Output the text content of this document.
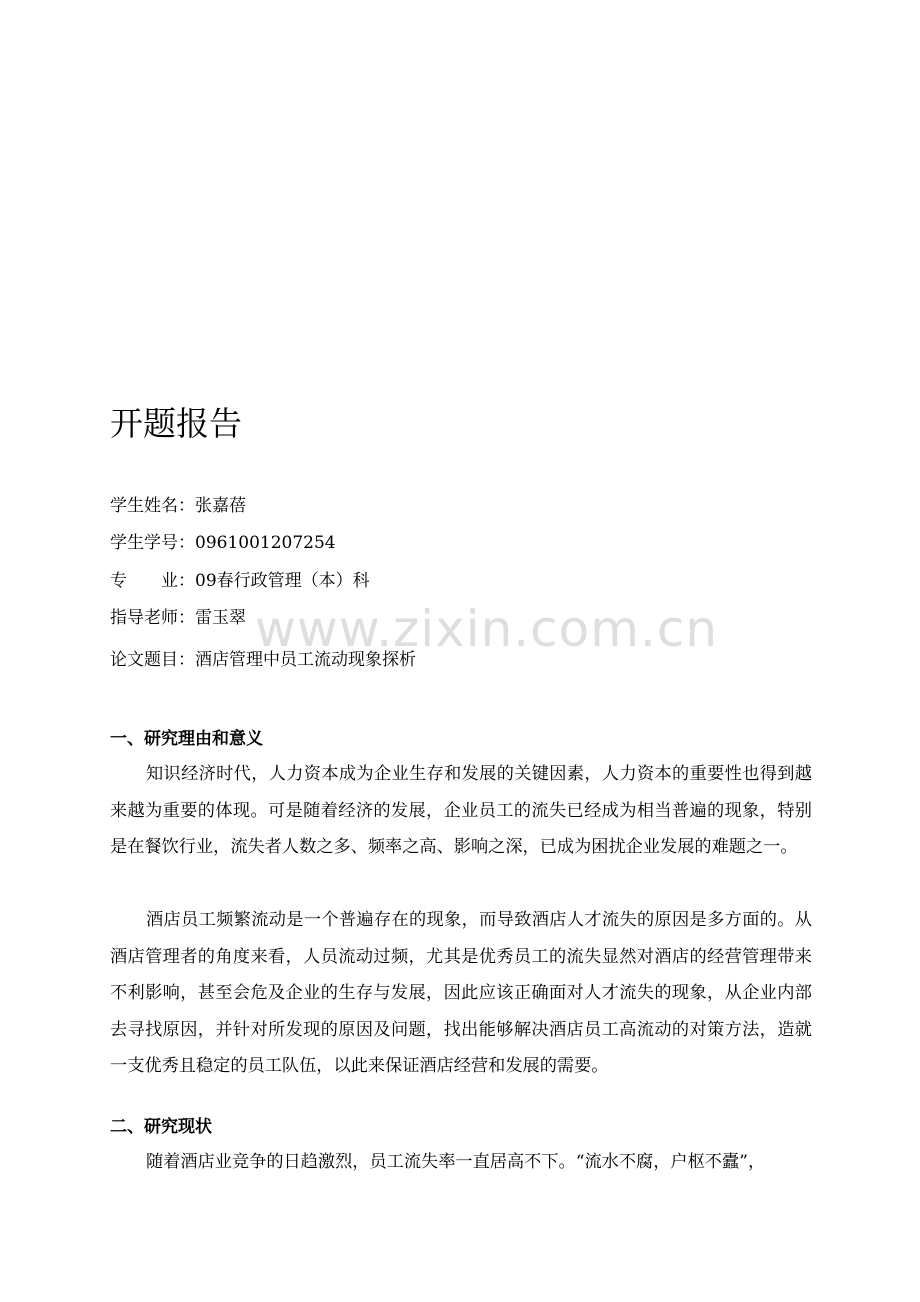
开题报告
学生姓名：张嘉蓓
学生学号：0961001207254
专　　业：09春行政管理（本）科
指导老师：雷玉翠
论文题目：酒店管理中员工流动现象探析
www.zixin.com.cn
一、研究理由和意义

知识经济时代，人力资本成为企业生存和发展的关键因素，人力资本的重要性也得到越来越为重要的体现。可是随着经济的发展，企业员工的流失已经成为相当普遍的现象，特别是在餐饮行业，流失者人数之多、频率之高、影响之深，已成为困扰企业发展的难题之一。

酒店员工频繁流动是一个普遍存在的现象，而导致酒店人才流失的原因是多方面的。从酒店管理者的角度来看，人员流动过频，尤其是优秀员工的流失显然对酒店的经营管理带来不利影响，甚至会危及企业的生存与发展，因此应该正确面对人才流失的现象，从企业内部去寻找原因，并针对所发现的原因及问题，找出能够解决酒店员工高流动的对策方法，造就一支优秀且稳定的员工队伍，以此来保证酒店经营和发展的需要。

二、研究现状

随着酒店业竞争的日趋激烈，员工流失率一直居高不下。“流水不腐，户枢不蠹”，
